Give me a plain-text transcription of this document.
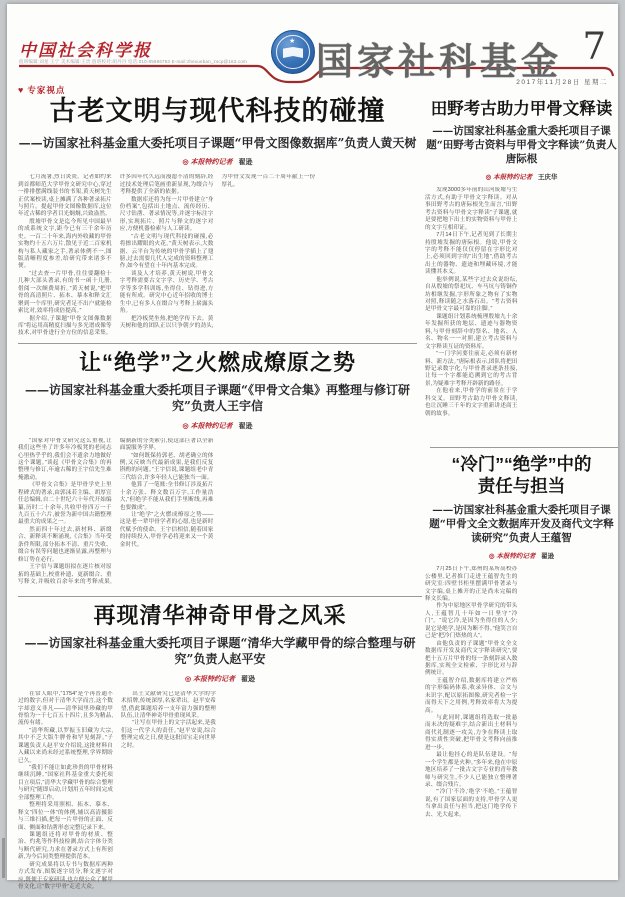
中国社会科学报
值班编辑:刘星 王宁 美术编辑:王贵 值班校对:胡丹丹 电话:010-85886753 E-mail:zhexueban_zscp@163.com
★ 国家社科基金 7
2017年11月28日 星期二
♥ 专家视点
古老文明与现代科技的碰撞

——访国家社科基金重大委托项目子课题“甲骨文图像数据库”负责人黄天树

◎ 本报特约记者 翟逊

七月流暑,烈日炎炎。记者如约来到首都师范大学甲骨文研究中心,穿过一排排摆满线装书的书架,黄天树先生正伏案校读,桌上摊满了各种著录拓片与照片。提起甲骨文图像数据库,这位年近古稀的学者目光炯炯,兴致盎然。

殷墟甲骨文是迄今所见中国最早的成系统文字,距今已有三千余年历史。一百二十年来,海内外收藏的甲骨实物约十五六万片,散见于近二百家机构与私人藏家之手,著录体例不一,图版清晰程度参差,给研究带来诸多不便。

“过去查一片甲骨,往往要翻检十几种大部头著录,有的书一函十几册,借阅一次颇费周折。”黄天树说,“把甲骨的高清照片、拓本、摹本和释文汇聚到一个库里,研究者足不出户就能检索比对,效率将成倍提高。”

据介绍,子课题“甲骨文图像数据库”将运用高精度扫描与多光谱成像等技术,对甲骨进行全方位的信息采集。许多因年代久远而漫漶不清的刻辞,经过技术处理后笔画重新显现,为缀合与考释提供了全新的依据。

数据库还将为每一片甲骨建立“身份档案”,包括出土地点、流传经历、尺寸钻凿、著录情况等,并逐字标注字形,实现拓片、照片与释文的逐字对应,方便机器检索与人工研读。

“古老文明与现代科技的碰撞,必将擦出耀眼的火花。”黄天树表示,大数据、云平台为传统的甲骨学插上了翅膀,过去需要几代人完成的资料整理工作,如今有望在十年内基本完成。

谈及人才培养,黄天树说,甲骨文字考释需要古文字学、历史学、考古学等多学科训练,坐得住、钻得进,方能有所成。研究中心近年招收的博士生中,已有多人在缀合与考释上崭露头角。

把冷板凳坐热,把绝学传下去。黄天树和他的团队正以只争朝夕的劲头,为甲骨文发现一百二十周年献上一份厚礼。

让“绝学”之火燃成燎原之势

——访国家社科基金重大委托项目子课题“《甲骨文合集》再整理与修订研究”负责人王宇信

◎ 本报特约记者 翟逊

“国家对甲骨文研究这么重视,让我们这些坐了许多年冷板凳的老同志心里热乎乎的,我们会不遗余力地做好这个课题。”谈起《甲骨文合集》的再整理与修订,年逾古稀的王宇信先生难掩激动。

《甲骨文合集》是甲骨学史上里程碑式的著录,由郭沫若主编、胡厚宣任总编辑,自二十世纪六十年代开始编纂,历时二十余年,共收甲骨四万一千九百五十六片,被誉为新中国古籍整理最重大的成果之一。

然而四十年过去,新材料、新缀合、新释读不断涌现,《合集》当年受条件所限,部分拓本不清、重片失收、缀合有误等问题也逐渐显露,再整理与修订势在必行。

王宇信与课题组拟在逐片核对原拓的基础上,校重补遗、更新缀合、重写释文,并吸收百余年来的考释成果,编制新的分类索引,使这部巨著以全新面貌服务学界。

“如何既保持郭老、胡老确立的体例,又反映当代最新成果,是我们反复斟酌的问题。”王宇信说,课题组老中青三代结合,许多年轻人已能独当一面。

他算了一笔账:全书修订涉及拓片十余万张、释文数百万字,工作量浩大,“但绝学不能从我们手里断线,再难也要做成”。

让“绝学”之火燃成燎原之势——这是老一辈甲骨学者的心愿,也是新时代赋予的使命。王宇信相信,随着国家的持续投入,甲骨学必将迎来又一个黄金时代。

再现清华神奇甲骨之风采

——访国家社科基金重大委托项目子课题“清华大学藏甲骨的综合整理与研究”负责人赵平安

◎ 本报特约记者 翟逊

在常人眼中,“1754”是个再普通不过的数字,但对于清华大学而言,这个数字却意义非凡——清华园里珍藏的甲骨恰为一千七百五十四片,且多为精品,流传有绪。

“清华所藏,以罗振玉旧藏为大宗,其中不乏大版牛胛骨和罕见刻辞。”子课题负责人赵平安介绍说,这批材料自入藏以来尚未经过系统整理,学界期盼已久。

“我们不能让如此珍贵的甲骨材料继续沉睡。”国家社科基金重大委托项目立项后,“清华大学藏甲骨的综合整理与研究”随即启动,计划用五年时间完成全部整理工作。

整理将采用照相、拓本、摹本、释文“四位一体”的体例,辅以高清摄影与三维扫描,把每一片甲骨的正面、反面、侧面和钻凿形态完整记录下来。

课题组还将对甲骨的材质、整治、灼兆等作科技检测,结合字体分类与断代研究,力求在著录方式上有所创新,为今后同类整理提供范本。

研究成果将以专书与数据库两种方式发布,图版逐字切分,释文逐字对应,既便于专家研读,也方便公众了解甲骨文化,让“数字甲骨”走近大众。

出土文献研究已是清华大学的学术招牌,传统深厚,名家辈出。赵平安希望,借此课题培养一支年富力强的整理队伍,让清华神奇甲骨重现风采。

“让写在甲骨上的文字活起来,是我们这一代学人的责任。”赵平安说,综合整理完成之日,便是这批国宝走向世界之时。

田野考古助力甲骨文释读

——访国家社科基金重大委托项目子课题“田野考古资料与甲骨文字释读”负责人唐际根

◎ 本报特约记者 王庆华

发现3000多年前的山河废墟与生活方式,有助于甲骨文字释读。对从事田野考古的唐际根先生而言,“田野考古资料与甲骨文字释读”子课题,就是要把地下出土的实物资料与甲骨上的文字互相印证。

7月14日下午,记者见到了长期主持殷墟发掘的唐际根。他说,甲骨文字的考释不能仅仅停留在字形比对上,必须回到字的“出生地”,借助考古出土的器物、遗迹和埋藏环境,才能读懂其本义。

他举例说,某些字过去众说纷纭,自从殷墟的祭祀坑、车马坑与铸铜作坊相继发掘,字形所象之物有了实物对照,释读随之水落石出。“考古资料是甲骨文字最可靠的注脚。”

课题组计划系统梳理殷墟九十余年发掘所获的地层、遗迹与器物资料,与甲骨刻辞中的祭名、地名、人名、物名一一对照,建立考古资料与文字释读互证的资料库。

“一门学问要往前走,必须有新材料、新方法。”唐际根表示,团队将把田野记录数字化,与甲骨著录逐条挂接,让每一个字都能追溯到它的考古背景,为疑难字考释开辟新的路径。

在他看来,甲骨学的前景在于学科交叉。田野考古助力甲骨文释读,也让沉睡三千年的文字重新讲述商王朝的故事。

“冷门”“绝学”中的
责任与担当

——访国家社科基金重大委托项目子课题“甲骨文全文数据库开发及商代文字释读研究”负责人王蕴智

◎ 本报特约记者 翟逊

7月25日下午,郑州的某所高校办公楼里,记者推门走进王蕴智先生的研究室:四壁书柜里摆满甲骨著录与文字编,桌上摊开的正是尚未完稿的释文长编。

作为中原地区甲骨学研究的带头人,王蕴智几十年如一日坚守“冷门”。“说它冷,是因为坐得住的人少;说它是绝学,是因为断不得。”他笑言自己是“把冷门焐热的人”。

由他负责的子课题“甲骨文全文数据库开发及商代文字释读研究”,要把十五万片甲骨的每一条刻辞录入数据库,实现全文检索、字形比对与辞例统计。

王蕴智介绍,数据库将建立严格的字形编码体系,收录异体、合文与未识字,配以原拓图像,研究者检一字而得天下之用例,考释效率将大为提高。

与此同时,课题组将选取一批悬而未决的疑难字,结合新出土材料与商代礼制逐一攻关,力争在释读上取得实质性突破,把甲骨文考释向前推进一步。

最让他挂心的是队伍建设。“每一个学生都是火种。”多年来,他在中原地区培养了一批古文字专业的青年教师与研究生,不少人已能独立整理著录、缀合残片。

“‘冷门’不冷,‘绝学’不绝。”王蕴智说,有了国家层面的支持,甲骨学人更当拿出责任与担当,把这门绝学传下去、光大起来。
